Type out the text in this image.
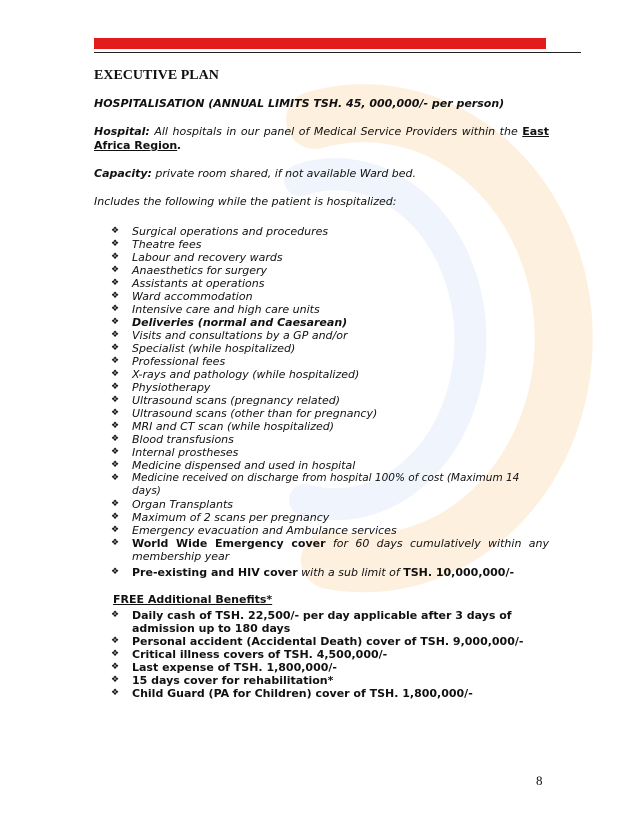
EXECUTIVE PLAN

HOSPITALISATION (ANNUAL LIMITS TSH. 45, 000,000/- per person)

Hospital: All hospitals in our panel of Medical Service Providers within the East Africa Region.

Capacity: private room shared, if not available Ward bed.

Includes the following while the patient is hospitalized:

❖ Surgical operations and procedures
❖ Theatre fees
❖ Labour and recovery wards
❖ Anaesthetics for surgery
❖ Assistants at operations
❖ Ward accommodation
❖ Intensive care and high care units
❖ Deliveries (normal and Caesarean)
❖ Visits and consultations by a GP and/or
❖ Specialist (while hospitalized)
❖ Professional fees
❖ X-rays and pathology (while hospitalized)
❖ Physiotherapy
❖ Ultrasound scans (pregnancy related)
❖ Ultrasound scans (other than for pregnancy)
❖ MRI and CT scan (while hospitalized)
❖ Blood transfusions
❖ Internal prostheses
❖ Medicine dispensed and used in hospital
❖ Medicine received on discharge from hospital 100% of cost (Maximum 14 days)
❖ Organ Transplants
❖ Maximum of 2 scans per pregnancy
❖ Emergency evacuation and Ambulance services
❖ World Wide Emergency cover for 60 days cumulatively within any membership year
❖ Pre-existing and HIV cover with a sub limit of TSH. 10,000,000/-
FREE Additional Benefits*
❖ Daily cash of TSH. 22,500/- per day applicable after 3 days of admission up to 180 days
❖ Personal accident (Accidental Death) cover of TSH. 9,000,000/-
❖ Critical illness covers of TSH. 4,500,000/-
❖ Last expense of TSH. 1,800,000/-
❖ 15 days cover for rehabilitation*
❖ Child Guard (PA for Children) cover of TSH. 1,800,000/-
8
